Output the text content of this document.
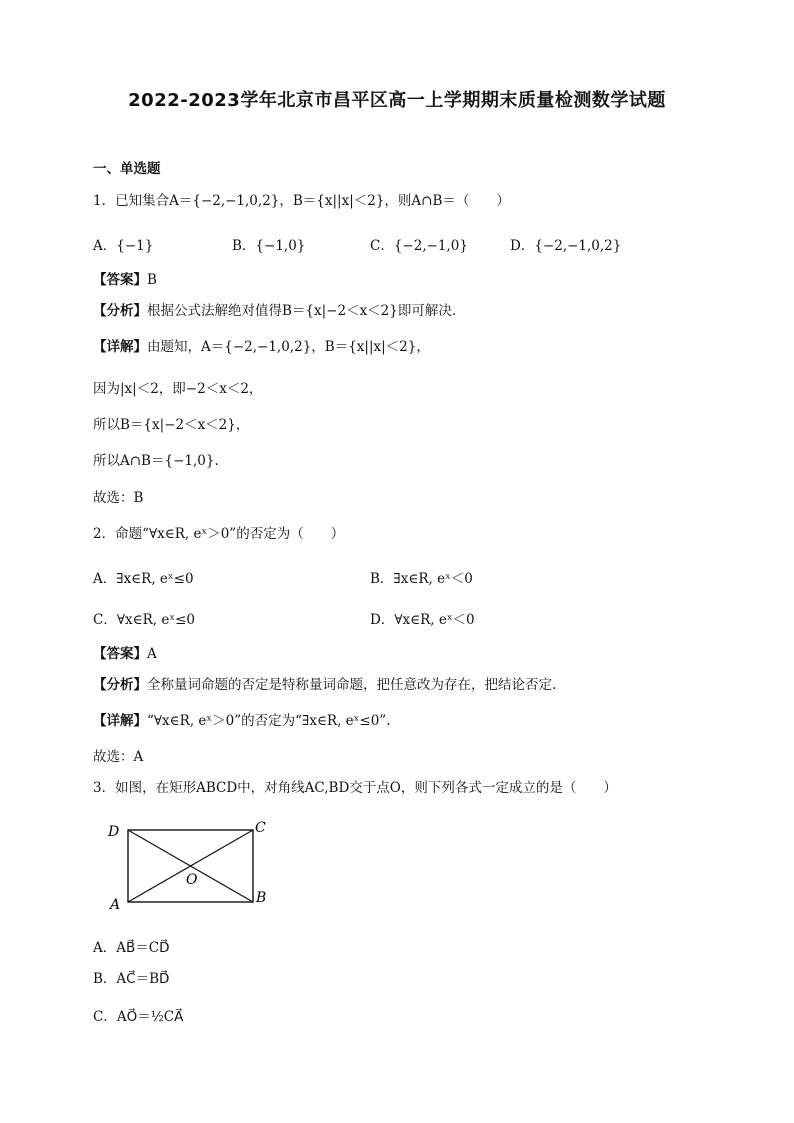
2022-2023学年北京市昌平区高一上学期期末质量检测数学试题
一、单选题
1．已知集合A＝{−2,−1,0,2}，B＝{x||x|＜2}，则A∩B＝（　　）
A．{−1}	B．{−1,0}	C．{−2,−1,0}	D．{−2,−1,0,2}
【答案】B
【分析】根据公式法解绝对值得B＝{x|−2＜x＜2}即可解决.
【详解】由题知，A＝{−2,−1,0,2}，B＝{x||x|＜2}，
因为|x|＜2，即−2＜x＜2，
所以B＝{x|−2＜x＜2}，
所以A∩B＝{−1,0}.
故选：B
2．命题“∀x∈R, eˣ＞0”的否定为（　　）
A．∃x∈R, eˣ≤0	B．∃x∈R, eˣ＜0
C．∀x∈R, eˣ≤0	D．∀x∈R, eˣ＜0
【答案】A
【分析】全称量词命题的否定是特称量词命题，把任意改为存在，把结论否定.
【详解】“∀x∈R, eˣ＞0”的否定为“∃x∈R, eˣ≤0”.
故选：A
3．如图，在矩形ABCD中，对角线AC,BD交于点O，则下列各式一定成立的是（　　）
D	C
A	B
O
A．AB⃗＝CD⃗
B．AC⃗＝BD⃗
C．AO⃗＝½CA⃗
